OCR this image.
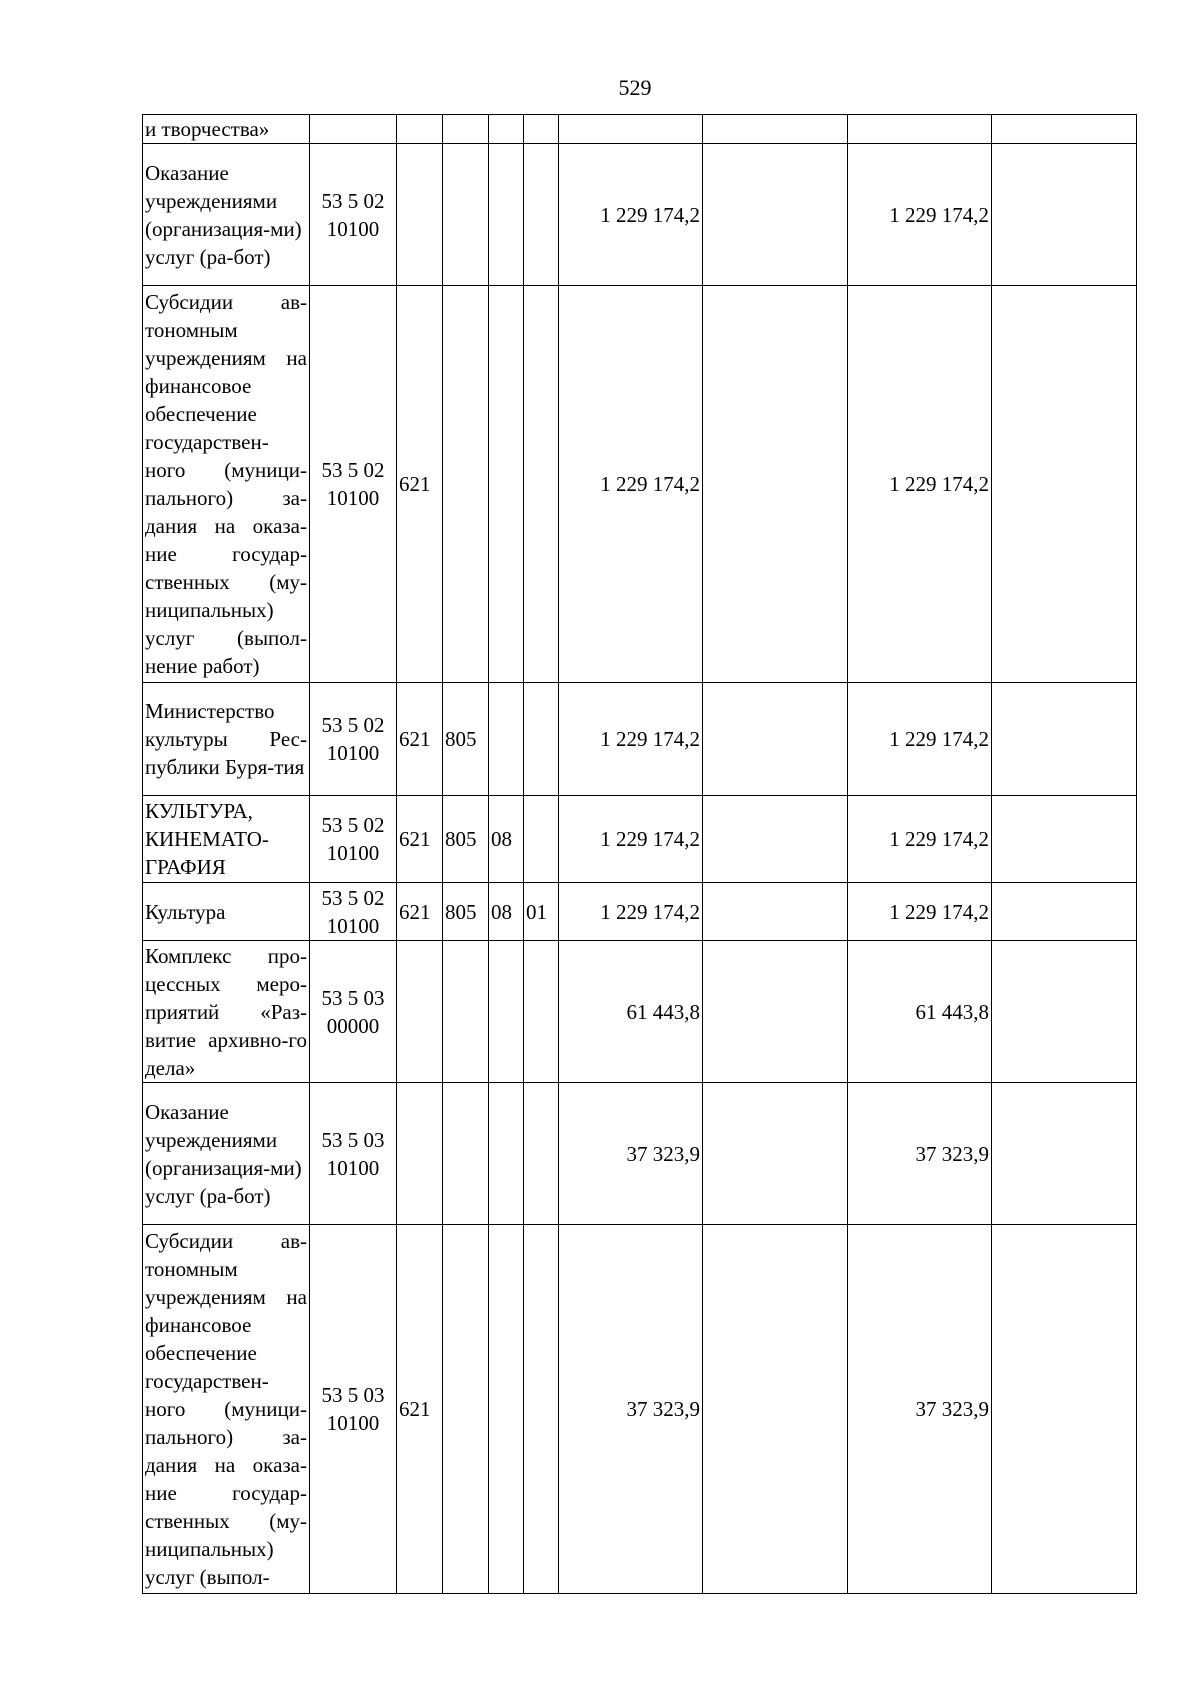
529
и творчества»									
Оказание учреждениями (организация-ми) услуг (ра-бот)	53 5 02 10100					1 229 174,2		1 229 174,2	
Субсидии ав-тономным учреждениям на финансовое обеспечение государствен-ного (муници-пального) за-дания на оказа-ние государ-ственных (му-ниципальных) услуг (выпол-нение работ)	53 5 02 10100	621				1 229 174,2		1 229 174,2	
Министерство культуры Рес-публики Буря-тия	53 5 02 10100	621	805			1 229 174,2		1 229 174,2	
КУЛЬТУРА, КИНЕМАТО-ГРАФИЯ	53 5 02 10100	621	805	08		1 229 174,2		1 229 174,2	
Культура	53 5 02 10100	621	805	08	01	1 229 174,2		1 229 174,2	
Комплекс про-цессных меро-приятий «Раз-витие архивно-го дела»	53 5 03 00000					61 443,8		61 443,8	
Оказание учреждениями (организация-ми) услуг (ра-бот)	53 5 03 10100					37 323,9		37 323,9	
Субсидии ав-тономным учреждениям на финансовое обеспечение государствен-ного (муници-пального) за-дания на оказа-ние государ-ственных (му-ниципальных) услуг (выпол-	53 5 03 10100	621				37 323,9		37 323,9	
